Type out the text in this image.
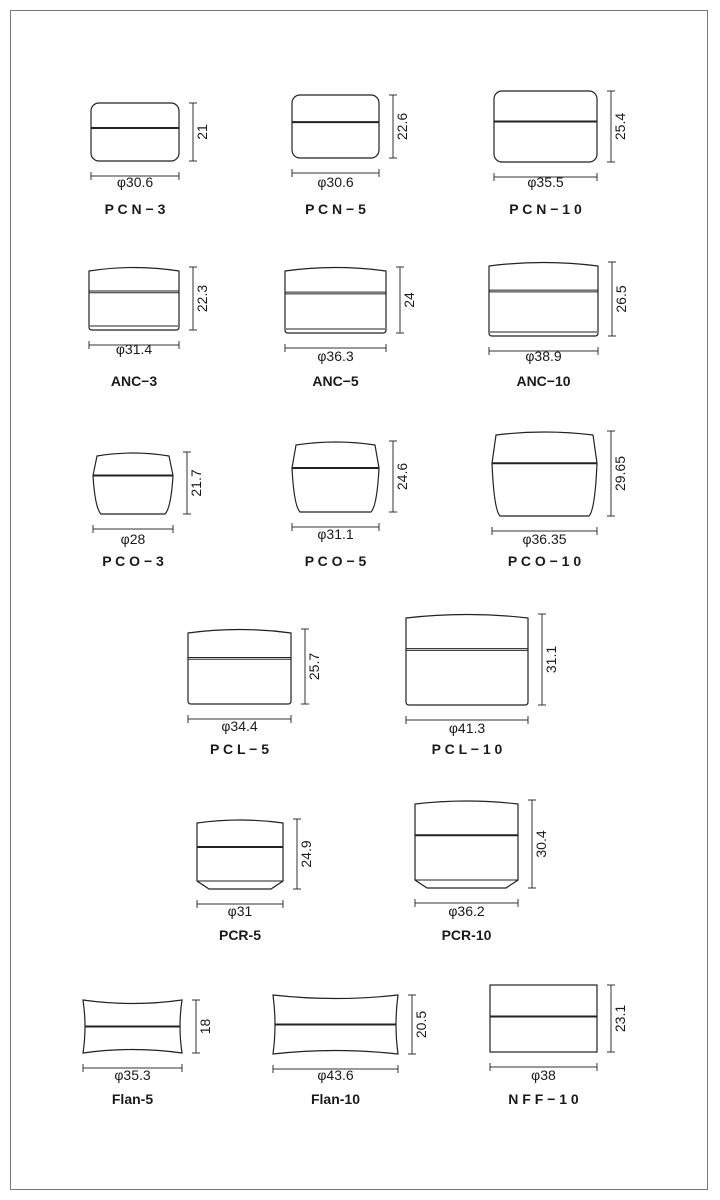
φ30.6
21
P C N − 3
φ30.6
22.6
P C N − 5
φ35.5
25.4
P C N − 1 0
φ31.4
22.3
ANC−3
φ36.3
24
ANC−5
φ38.9
26.5
ANC−10
φ28
21.7
P C O − 3
φ31.1
24.6
P C O − 5
φ36.35
29.65
P C O − 1 0
φ34.4
25.7
P C L − 5
φ41.3
31.1
P C L − 1 0
φ31
24.9
PCR-5
φ36.2
30.4
PCR-10
φ35.3
18
Flan-5
φ43.6
20.5
Flan-10
φ38
23.1
N F F − 1 0
